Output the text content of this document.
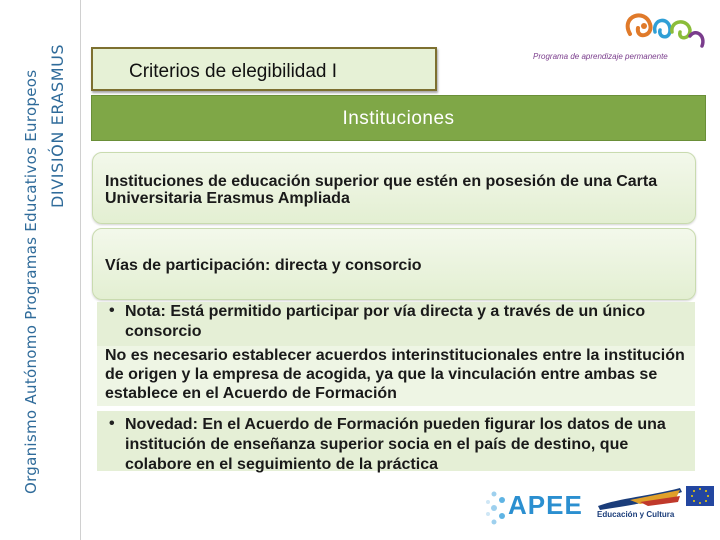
Organismo Autónomo Programas Educativos Europeos DIVISIÓN ERASMUS	Programa de aprendizaje permanente
Criterios de elegibilidad I
Instituciones
Instituciones de educación superior que estén en posesión de una Carta Universitaria Erasmus Ampliada
Vías de participación: directa y consorcio
• Nota: Está permitido participar por vía directa y a través de un único consorcio
No es necesario establecer acuerdos interinstitucionales entre la institución de origen y la empresa de acogida, ya que la vinculación entre ambas se establece en el Acuerdo de Formación
• Novedad: En el Acuerdo de Formación pueden figurar los datos de una institución de enseñanza superior socia en el país de destino, que colabore en el seguimiento de la práctica
APEE Educación y Cultura
